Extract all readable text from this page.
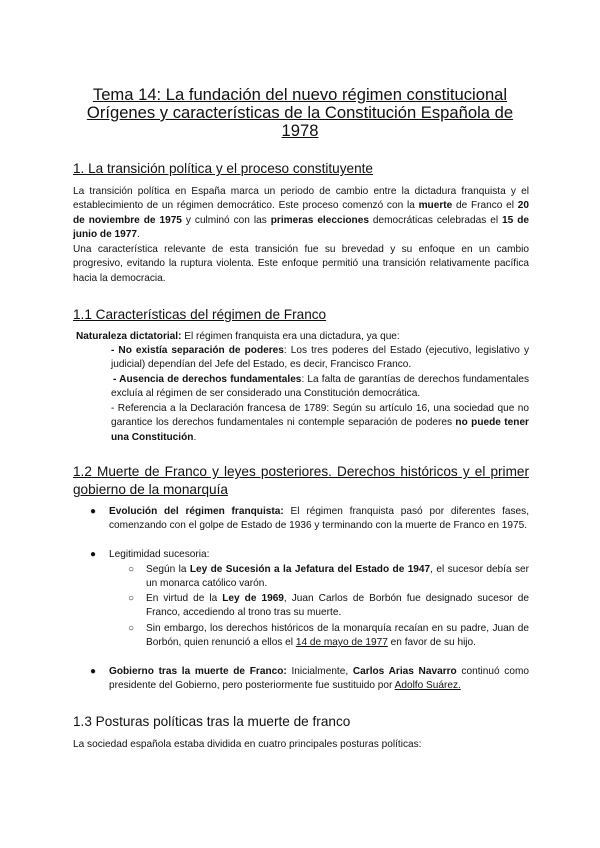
Tema 14: La fundación del nuevo régimen constitucional
Orígenes y características de la Constitución Española de
1978
1. La transición política y el proceso constituyente

La transición política en España marca un periodo de cambio entre la dictadura franquista y el establecimiento de un régimen democrático. Este proceso comenzó con la muerte de Franco el 20 de noviembre de 1975 y culminó con las primeras elecciones democráticas celebradas el 15 de junio de 1977.

Una característica relevante de esta transición fue su brevedad y su enfoque en un cambio progresivo, evitando la ruptura violenta. Este enfoque permitió una transición relativamente pacífica hacia la democracia.

1.1 Características del régimen de Franco

Naturaleza dictatorial: El régimen franquista era una dictadura, ya que:

- No existía separación de poderes: Los tres poderes del Estado (ejecutivo, legislativo y judicial) dependían del Jefe del Estado, es decir, Francisco Franco.

- Ausencia de derechos fundamentales: La falta de garantías de derechos fundamentales excluía al régimen de ser considerado una Constitución democrática.

- Referencia a la Declaración francesa de 1789: Según su artículo 16, una sociedad que no garantice los derechos fundamentales ni contemple separación de poderes no puede tener una Constitución.

1.2 Muerte de Franco y leyes posteriores. Derechos históricos y el primer
gobierno de la monarquía
● Evolución del régimen franquista: El régimen franquista pasó por diferentes fases, comenzando con el golpe de Estado de 1936 y terminando con la muerte de Franco en 1975.

● Legitimidad sucesoria:

○ Según la Ley de Sucesión a la Jefatura del Estado de 1947, el sucesor debía ser un monarca católico varón.

○ En virtud de la Ley de 1969, Juan Carlos de Borbón fue designado sucesor de Franco, accediendo al trono tras su muerte.

○ Sin embargo, los derechos históricos de la monarquía recaían en su padre, Juan de Borbón, quien renunció a ellos el 14 de mayo de 1977 en favor de su hijo.

● Gobierno tras la muerte de Franco: Inicialmente, Carlos Arias Navarro continuó como presidente del Gobierno, pero posteriormente fue sustituido por Adolfo Suárez.

1.3 Posturas políticas tras la muerte de franco

La sociedad española estaba dividida en cuatro principales posturas políticas:
